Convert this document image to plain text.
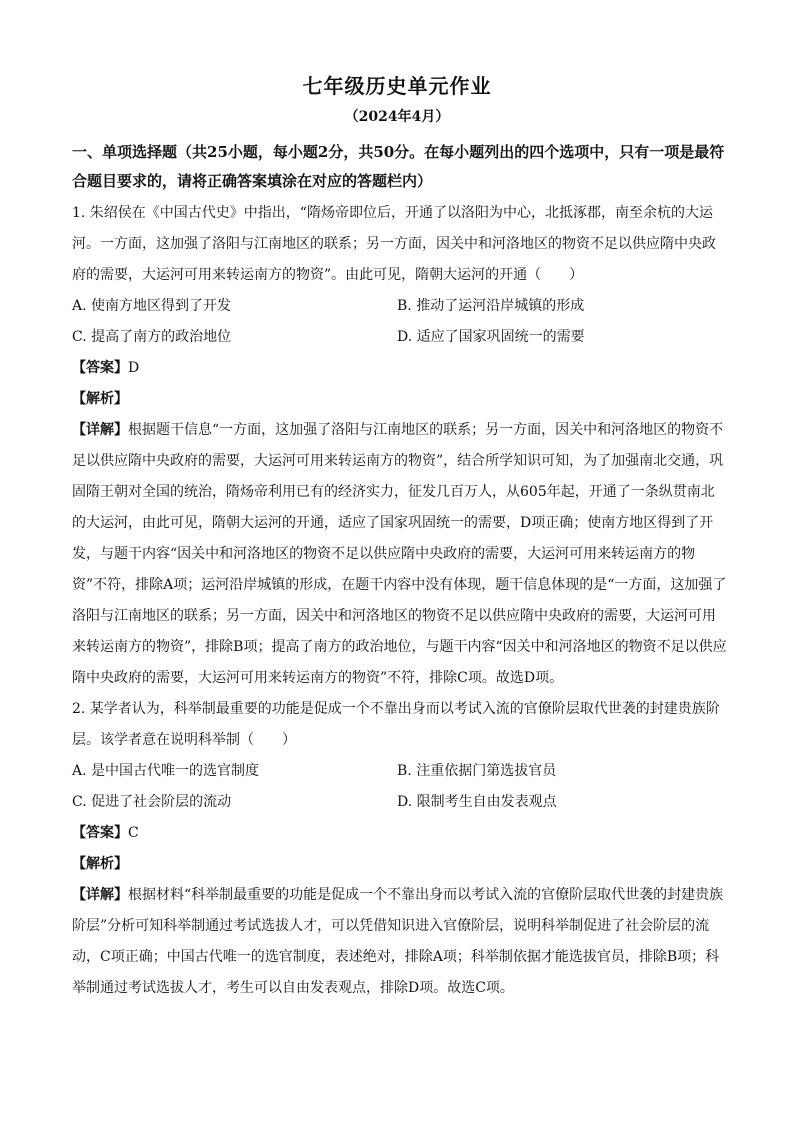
七年级历史单元作业
（2024年4月）
一、单项选择题（共25小题，每小题2分，共50分。在每小题列出的四个选项中，只有一项是最符合题目要求的，请将正确答案填涂在对应的答题栏内）
1. 朱绍侯在《中国古代史》中指出，“隋炀帝即位后，开通了以洛阳为中心，北抵涿郡，南至余杭的大运河。一方面，这加强了洛阳与江南地区的联系；另一方面，因关中和河洛地区的物资不足以供应隋中央政府的需要，大运河可用来转运南方的物资”。由此可见，隋朝大运河的开通（　　）
A. 使南方地区得到了开发	B. 推动了运河沿岸城镇的形成
C. 提高了南方的政治地位	D. 适应了国家巩固统一的需要
【答案】D
【解析】
【详解】根据题干信息“一方面，这加强了洛阳与江南地区的联系；另一方面，因关中和河洛地区的物资不足以供应隋中央政府的需要，大运河可用来转运南方的物资”，结合所学知识可知，为了加强南北交通，巩固隋王朝对全国的统治，隋炀帝利用已有的经济实力，征发几百万人，从605年起，开通了一条纵贯南北的大运河，由此可见，隋朝大运河的开通，适应了国家巩固统一的需要，D项正确；使南方地区得到了开发，与题干内容“因关中和河洛地区的物资不足以供应隋中央政府的需要，大运河可用来转运南方的物资”不符，排除A项；运河沿岸城镇的形成，在题干内容中没有体现，题干信息体现的是“一方面，这加强了洛阳与江南地区的联系；另一方面，因关中和河洛地区的物资不足以供应隋中央政府的需要，大运河可用来转运南方的物资”，排除B项；提高了南方的政治地位，与题干内容“因关中和河洛地区的物资不足以供应隋中央政府的需要，大运河可用来转运南方的物资”不符，排除C项。故选D项。
2. 某学者认为，科举制最重要的功能是促成一个不靠出身而以考试入流的官僚阶层取代世袭的封建贵族阶层。该学者意在说明科举制（　　）
A. 是中国古代唯一的选官制度	B. 注重依据门第选拔官员
C. 促进了社会阶层的流动	D. 限制考生自由发表观点
【答案】C
【解析】
【详解】根据材料“科举制最重要的功能是促成一个不靠出身而以考试入流的官僚阶层取代世袭的封建贵族阶层”分析可知科举制通过考试选拔人才，可以凭借知识进入官僚阶层，说明科举制促进了社会阶层的流动，C项正确；中国古代唯一的选官制度，表述绝对，排除A项；科举制依据才能选拔官员，排除B项；科举制通过考试选拔人才，考生可以自由发表观点，排除D项。故选C项。
